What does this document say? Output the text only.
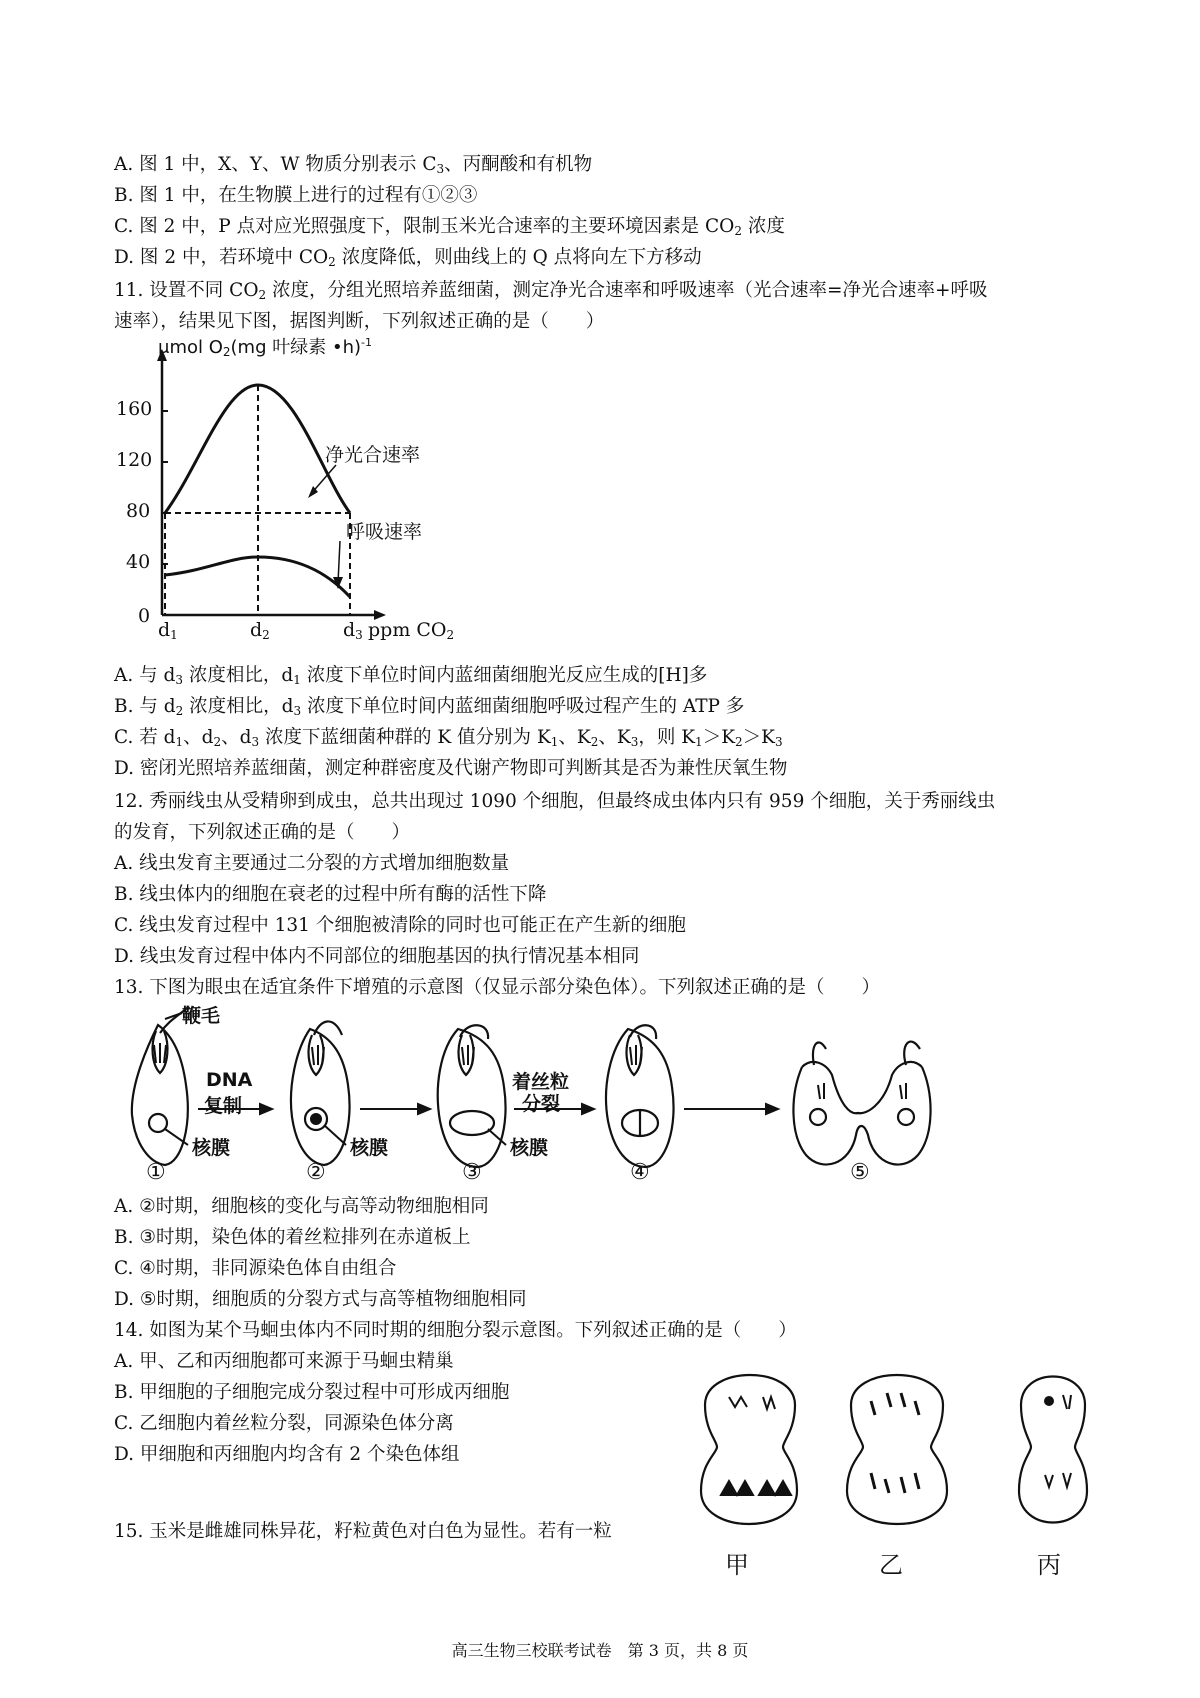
A. 图 1 中，X、Y、W 物质分别表示 $C_3$、丙酮酸和有机物
B. 图 1 中，在生物膜上进行的过程有①②③
C. 图 2 中，P 点对应光照强度下，限制玉米光合速率的主要环境因素是 $CO_2$ 浓度
D. 图 2 中，若环境中 $CO_2$ 浓度降低，则曲线上的 Q 点将向左下方移动
11. 设置不同 $CO_2$ 浓度，分组光照培养蓝细菌，测定净光合速率和呼吸速率（光合速率=净光合速率+呼吸
速率），结果见下图，据图判断，下列叙述正确的是（　　）
μmol $O_2(mg$ 叶绿素 •h)$^{-1}$
160
120
80
40
0
$d_1$	$d_2$	$d_3$ ppm $CO_2$
净光合速率
呼吸速率
A. 与 $d_3$ 浓度相比，$d_1$ 浓度下单位时间内蓝细菌细胞光反应生成的[H]多
B. 与 $d_2$ 浓度相比，$d_3$ 浓度下单位时间内蓝细菌细胞呼吸过程产生的 ATP 多
C. 若 $d_1$、$d_2$、$d_3$ 浓度下蓝细菌种群的 K 值分别为 $K_1$、$K_2$、$K_3$，则 $K_1>K_2>K_3$
D. 密闭光照培养蓝细菌，测定种群密度及代谢产物即可判断其是否为兼性厌氧生物
12. 秀丽线虫从受精卵到成虫，总共出现过 1090 个细胞，但最终成虫体内只有 959 个细胞，关于秀丽线虫
的发育，下列叙述正确的是（　　）
A. 线虫发育主要通过二分裂的方式增加细胞数量
B. 线虫体内的细胞在衰老的过程中所有酶的活性下降
C. 线虫发育过程中 131 个细胞被清除的同时也可能正在产生新的细胞
D. 线虫发育过程中体内不同部位的细胞基因的执行情况基本相同
13. 下图为眼虫在适宜条件下增殖的示意图（仅显示部分染色体）。下列叙述正确的是（　　）
鞭毛
DNA
复制
核膜	核膜	核膜
着丝粒
分裂
①	②	③	④	⑤
A. ②时期，细胞核的变化与高等动物细胞相同
B. ③时期，染色体的着丝粒排列在赤道板上
C. ④时期，非同源染色体自由组合
D. ⑤时期，细胞质的分裂方式与高等植物细胞相同
14. 如图为某个马蛔虫体内不同时期的细胞分裂示意图。下列叙述正确的是（　　）
A. 甲、乙和丙细胞都可来源于马蛔虫精巢
B. 甲细胞的子细胞完成分裂过程中可形成丙细胞
C. 乙细胞内着丝粒分裂，同源染色体分离
D. 甲细胞和丙细胞内均含有 2 个染色体组
甲	乙	丙
15. 玉米是雌雄同株异花，籽粒黄色对白色为显性。若有一粒
高三生物三校联考试卷　第 3 页，共 8 页
